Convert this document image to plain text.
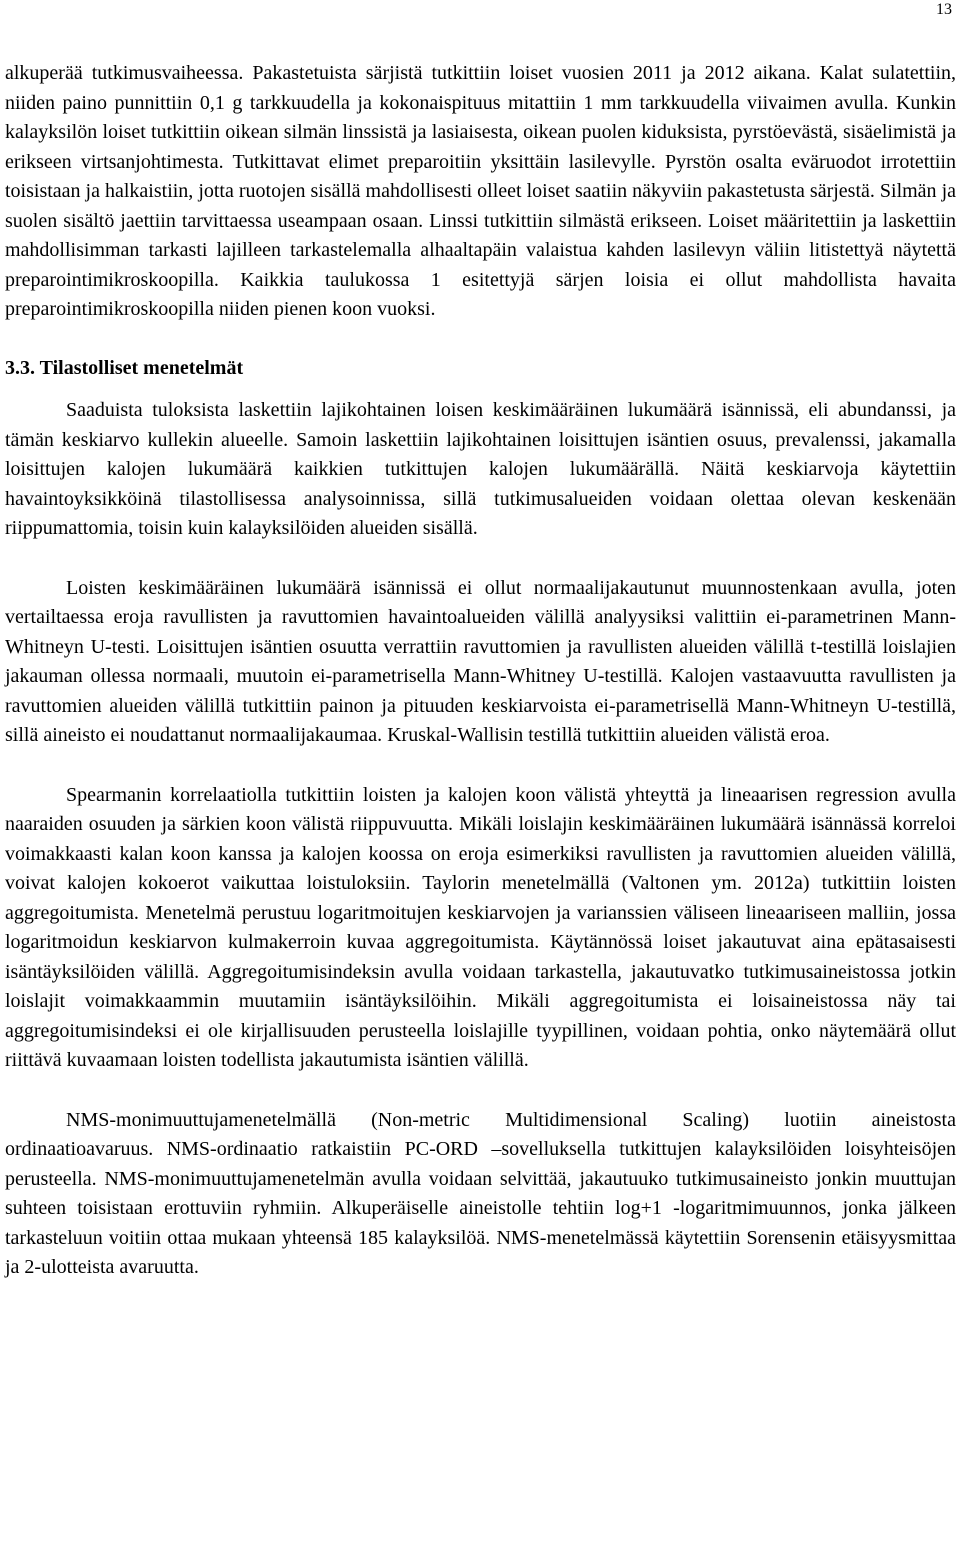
13

alkuperää tutkimusvaiheessa. Pakastetuista särjistä tutkittiin loiset vuosien 2011 ja 2012 aikana. Kalat sulatettiin, niiden paino punnittiin 0,1 g tarkkuudella ja kokonaispituus mitattiin 1 mm tarkkuudella viivaimen avulla. Kunkin kalayksilön loiset tutkittiin oikean silmän linssistä ja lasiaisesta, oikean puolen kiduksista, pyrstöevästä, sisäelimistä ja erikseen virtsanjohtimesta. Tutkittavat elimet preparoitiin yksittäin lasilevylle. Pyrstön osalta eväruodot irrotettiin toisistaan ja halkaistiin, jotta ruotojen sisällä mahdollisesti olleet loiset saatiin näkyviin pakastetusta särjestä. Silmän ja suolen sisältö jaettiin tarvittaessa useampaan osaan. Linssi tutkittiin silmästä erikseen. Loiset määritettiin ja laskettiin mahdollisimman tarkasti lajilleen tarkastelemalla alhaaltapäin valaistua kahden lasilevyn väliin litistettyä näytettä preparointimikroskoopilla. Kaikkia taulukossa 1 esitettyjä särjen loisia ei ollut mahdollista havaita preparointimikroskoopilla niiden pienen koon vuoksi.

3.3. Tilastolliset menetelmät

Saaduista tuloksista laskettiin lajikohtainen loisen keskimääräinen lukumäärä isännissä, eli abundanssi, ja tämän keskiarvo kullekin alueelle. Samoin laskettiin lajikohtainen loisittujen isäntien osuus, prevalenssi, jakamalla loisittujen kalojen lukumäärä kaikkien tutkittujen kalojen lukumäärällä. Näitä keskiarvoja käytettiin havaintoyksikköinä tilastollisessa analysoinnissa, sillä tutkimusalueiden voidaan olettaa olevan keskenään riippumattomia, toisin kuin kalayksilöiden alueiden sisällä.

Loisten keskimääräinen lukumäärä isännissä ei ollut normaalijakautunut muunnostenkaan avulla, joten vertailtaessa eroja ravullisten ja ravuttomien havaintoalueiden välillä analyysiksi valittiin ei-parametrinen Mann-Whitneyn U-testi. Loisittujen isäntien osuutta verrattiin ravuttomien ja ravullisten alueiden välillä t-testillä loislajien jakauman ollessa normaali, muutoin ei-parametrisella Mann-Whitney U-testillä. Kalojen vastaavuutta ravullisten ja ravuttomien alueiden välillä tutkittiin painon ja pituuden keskiarvoista ei-parametrisellä Mann-Whitneyn U-testillä, sillä aineisto ei noudattanut normaalijakaumaa. Kruskal-Wallisin testillä tutkittiin alueiden välistä eroa.

Spearmanin korrelaatiolla tutkittiin loisten ja kalojen koon välistä yhteyttä ja lineaarisen regression avulla naaraiden osuuden ja särkien koon välistä riippuvuutta. Mikäli loislajin keskimääräinen lukumäärä isännässä korreloi voimakkaasti kalan koon kanssa ja kalojen koossa on eroja esimerkiksi ravullisten ja ravuttomien alueiden välillä, voivat kalojen kokoerot vaikuttaa loistuloksiin. Taylorin menetelmällä (Valtonen ym. 2012a) tutkittiin loisten aggregoitumista. Menetelmä perustuu logaritmoitujen keskiarvojen ja varianssien väliseen lineaariseen malliin, jossa logaritmoidun keskiarvon kulmakerroin kuvaa aggregoitumista. Käytännössä loiset jakautuvat aina epätasaisesti isäntäyksilöiden välillä. Aggregoitumisindeksin avulla voidaan tarkastella, jakautuvatko tutkimusaineistossa jotkin loislajit voimakkaammin muutamiin isäntäyksilöihin. Mikäli aggregoitumista ei loisaineistossa näy tai aggregoitumisindeksi ei ole kirjallisuuden perusteella loislajille tyypillinen, voidaan pohtia, onko näytemäärä ollut riittävä kuvaamaan loisten todellista jakautumista isäntien välillä.

NMS-monimuuttujamenetelmällä (Non-metric Multidimensional Scaling) luotiin aineistosta ordinaatioavaruus. NMS-ordinaatio ratkaistiin PC-ORD –sovelluksella tutkittujen kalayksilöiden loisyhteisöjen perusteella. NMS-monimuuttujamenetelmän avulla voidaan selvittää, jakautuuko tutkimusaineisto jonkin muuttujan suhteen toisistaan erottuviin ryhmiin. Alkuperäiselle aineistolle tehtiin log+1 -logaritmimuunnos, jonka jälkeen tarkasteluun voitiin ottaa mukaan yhteensä 185 kalayksilöä. NMS-menetelmässä käytettiin Sorensenin etäisyysmittaa ja 2-ulotteista avaruutta.
